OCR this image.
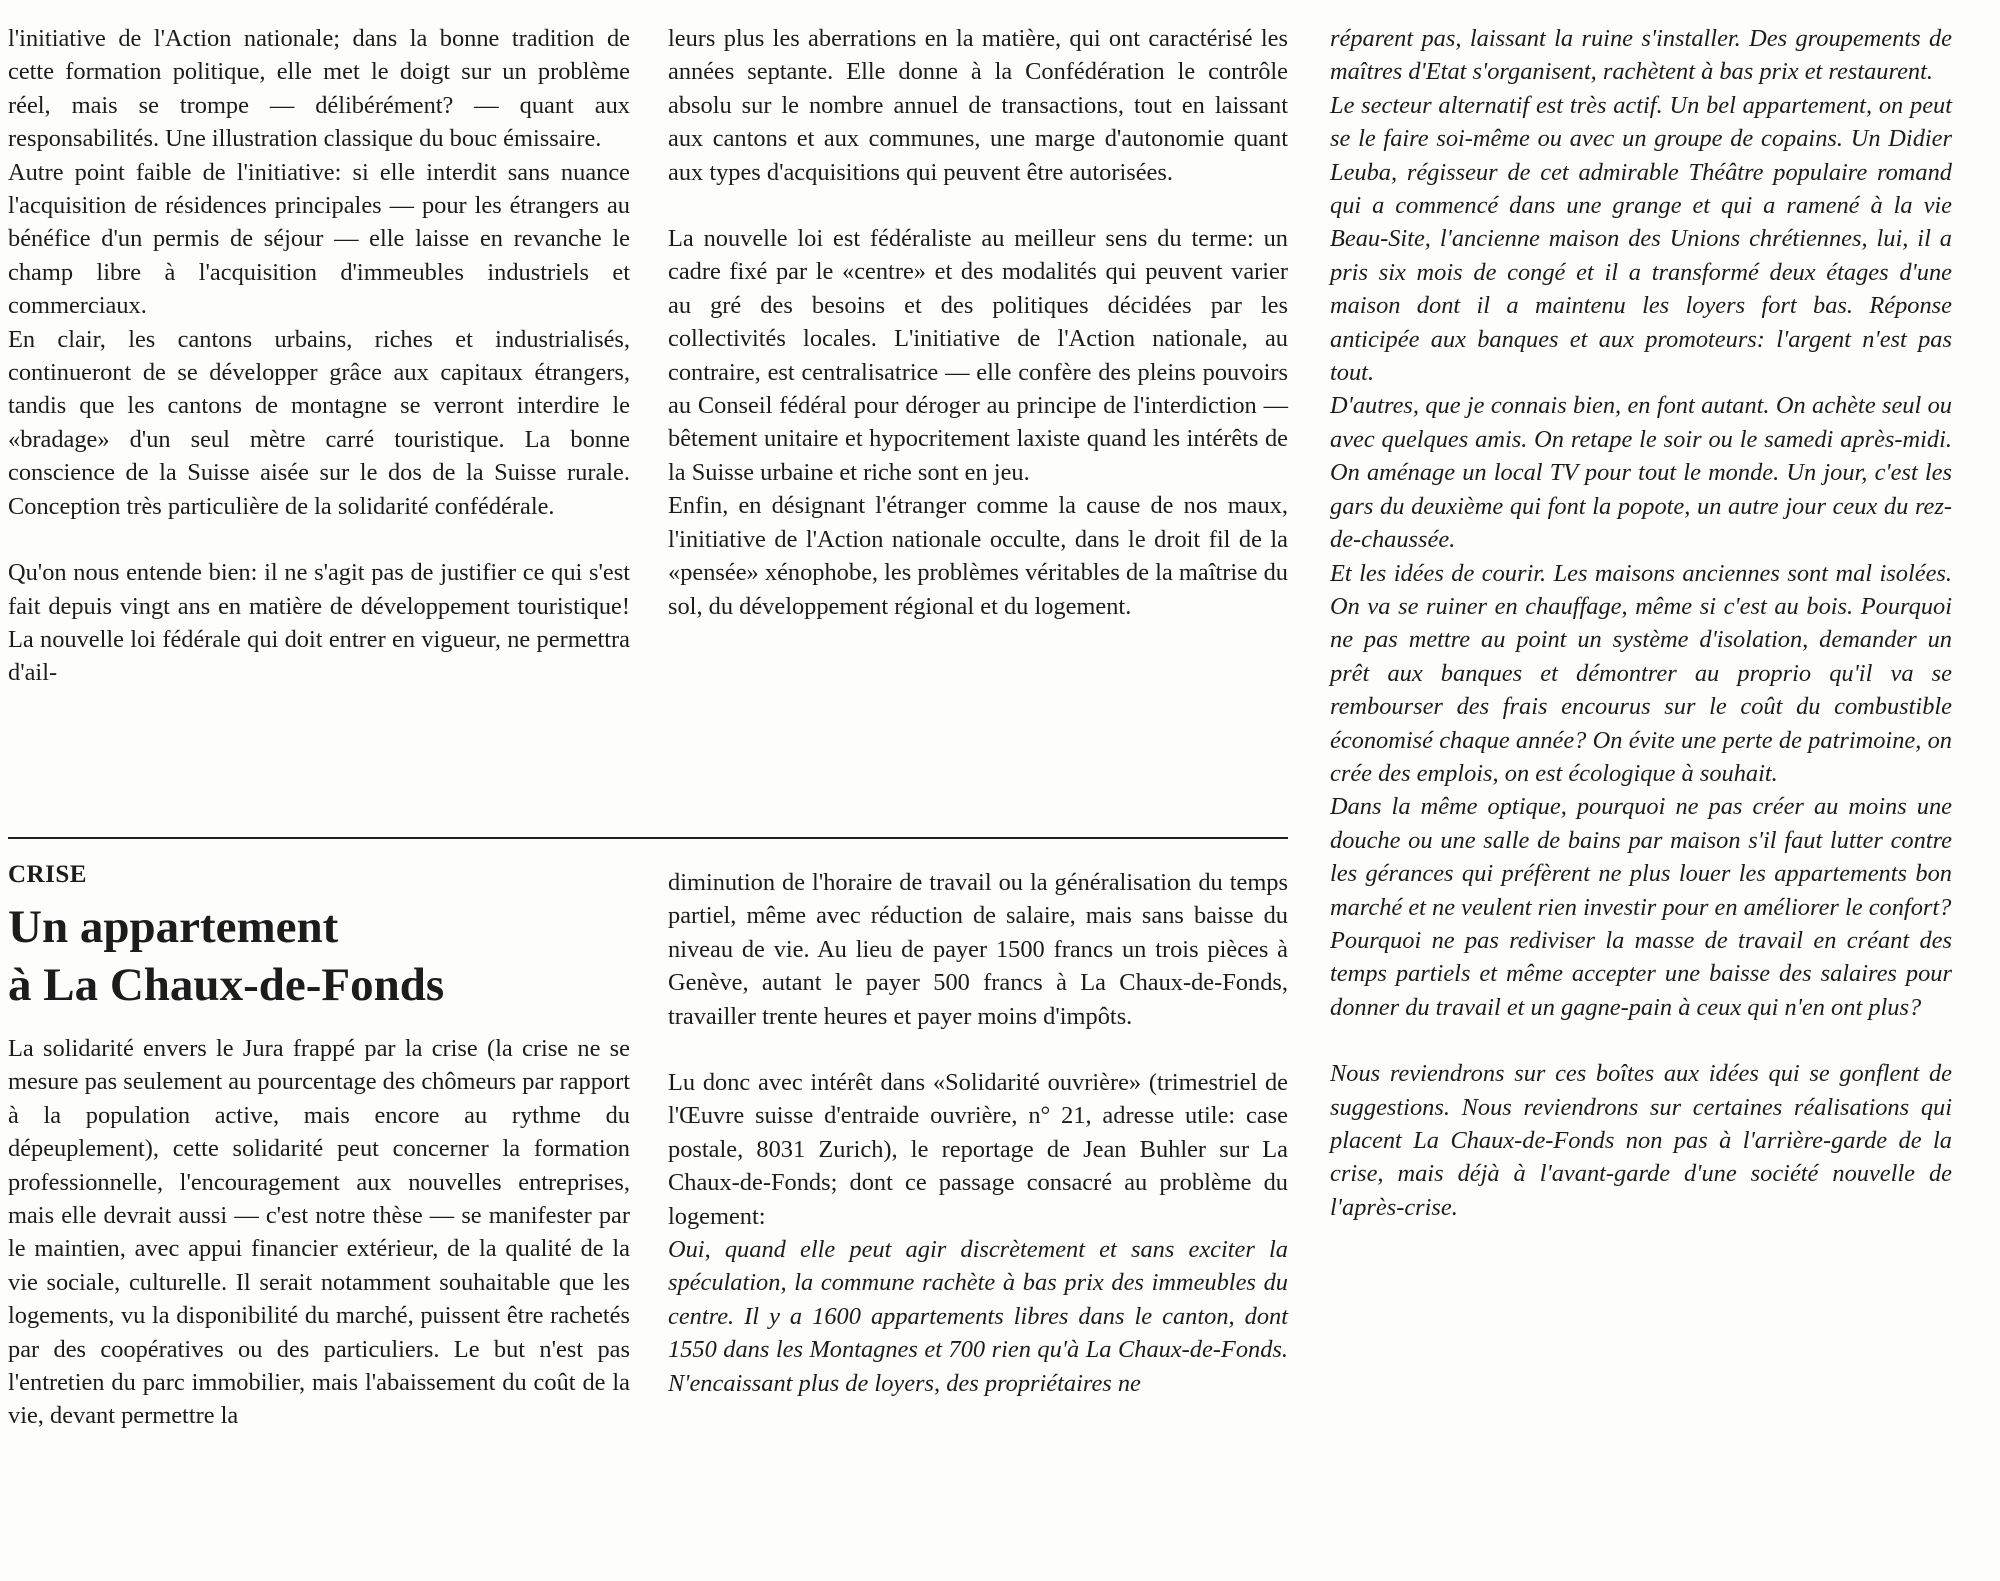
l'initiative de l'Action nationale; dans la bonne tradition de cette formation politique, elle met le doigt sur un problème réel, mais se trompe — délibérément? — quant aux responsabilités. Une illustration classique du bouc émissaire.

Autre point faible de l'initiative: si elle interdit sans nuance l'acquisition de résidences principales — pour les étrangers au bénéfice d'un permis de séjour — elle laisse en revanche le champ libre à l'acquisition d'immeubles industriels et commerciaux.

En clair, les cantons urbains, riches et industrialisés, continueront de se développer grâce aux capitaux étrangers, tandis que les cantons de montagne se verront interdire le «bradage» d'un seul mètre carré touristique. La bonne conscience de la Suisse aisée sur le dos de la Suisse rurale. Conception très particulière de la solidarité confédérale.

Qu'on nous entende bien: il ne s'agit pas de justifier ce qui s'est fait depuis vingt ans en matière de développement touristique! La nouvelle loi fédérale qui doit entrer en vigueur, ne permettra d'ail-

leurs plus les aberrations en la matière, qui ont caractérisé les années septante. Elle donne à la Confédération le contrôle absolu sur le nombre annuel de transactions, tout en laissant aux cantons et aux communes, une marge d'autonomie quant aux types d'acquisitions qui peuvent être autorisées.

La nouvelle loi est fédéraliste au meilleur sens du terme: un cadre fixé par le «centre» et des modalités qui peuvent varier au gré des besoins et des politiques décidées par les collectivités locales. L'initiative de l'Action nationale, au contraire, est centralisatrice — elle confère des pleins pouvoirs au Conseil fédéral pour déroger au principe de l'interdiction — bêtement unitaire et hypocritement laxiste quand les intérêts de la Suisse urbaine et riche sont en jeu.

Enfin, en désignant l'étranger comme la cause de nos maux, l'initiative de l'Action nationale occulte, dans le droit fil de la «pensée» xénophobe, les problèmes véritables de la maîtrise du sol, du développement régional et du logement.

CRISE
Un appartement
à La Chaux-de-Fonds

La solidarité envers le Jura frappé par la crise (la crise ne se mesure pas seulement au pourcentage des chômeurs par rapport à la population active, mais encore au rythme du dépeuplement), cette solidarité peut concerner la formation professionnelle, l'encouragement aux nouvelles entreprises, mais elle devrait aussi — c'est notre thèse — se manifester par le maintien, avec appui financier extérieur, de la qualité de la vie sociale, culturelle. Il serait notamment souhaitable que les logements, vu la disponibilité du marché, puissent être rachetés par des coopératives ou des particuliers. Le but n'est pas l'entretien du parc immobilier, mais l'abaissement du coût de la vie, devant permettre la

diminution de l'horaire de travail ou la généralisation du temps partiel, même avec réduction de salaire, mais sans baisse du niveau de vie. Au lieu de payer 1500 francs un trois pièces à Genève, autant le payer 500 francs à La Chaux-de-Fonds, travailler trente heures et payer moins d'impôts.

Lu donc avec intérêt dans «Solidarité ouvrière» (trimestriel de l'Œuvre suisse d'entraide ouvrière, n° 21, adresse utile: case postale, 8031 Zurich), le reportage de Jean Buhler sur La Chaux-de-Fonds; dont ce passage consacré au problème du logement:

Oui, quand elle peut agir discrètement et sans exciter la spéculation, la commune rachète à bas prix des immeubles du centre. Il y a 1600 appartements libres dans le canton, dont 1550 dans les Montagnes et 700 rien qu'à La Chaux-de-Fonds. N'encaissant plus de loyers, des propriétaires ne

réparent pas, laissant la ruine s'installer. Des groupements de maîtres d'Etat s'organisent, rachètent à bas prix et restaurent.

Le secteur alternatif est très actif. Un bel appartement, on peut se le faire soi-même ou avec un groupe de copains. Un Didier Leuba, régisseur de cet admirable Théâtre populaire romand qui a commencé dans une grange et qui a ramené à la vie Beau-Site, l'ancienne maison des Unions chrétiennes, lui, il a pris six mois de congé et il a transformé deux étages d'une maison dont il a maintenu les loyers fort bas. Réponse anticipée aux banques et aux promoteurs: l'argent n'est pas tout.

D'autres, que je connais bien, en font autant. On achète seul ou avec quelques amis. On retape le soir ou le samedi après-midi. On aménage un local TV pour tout le monde. Un jour, c'est les gars du deuxième qui font la popote, un autre jour ceux du rez-de-chaussée.

Et les idées de courir. Les maisons anciennes sont mal isolées. On va se ruiner en chauffage, même si c'est au bois. Pourquoi ne pas mettre au point un système d'isolation, demander un prêt aux banques et démontrer au proprio qu'il va se rembourser des frais encourus sur le coût du combustible économisé chaque année? On évite une perte de patrimoine, on crée des emplois, on est écologique à souhait.

Dans la même optique, pourquoi ne pas créer au moins une douche ou une salle de bains par maison s'il faut lutter contre les gérances qui préfèrent ne plus louer les appartements bon marché et ne veulent rien investir pour en améliorer le confort?

Pourquoi ne pas rediviser la masse de travail en créant des temps partiels et même accepter une baisse des salaires pour donner du travail et un gagne-pain à ceux qui n'en ont plus?

Nous reviendrons sur ces boîtes aux idées qui se gonflent de suggestions. Nous reviendrons sur certaines réalisations qui placent La Chaux-de-Fonds non pas à l'arrière-garde de la crise, mais déjà à l'avant-garde d'une société nouvelle de l'après-crise.
